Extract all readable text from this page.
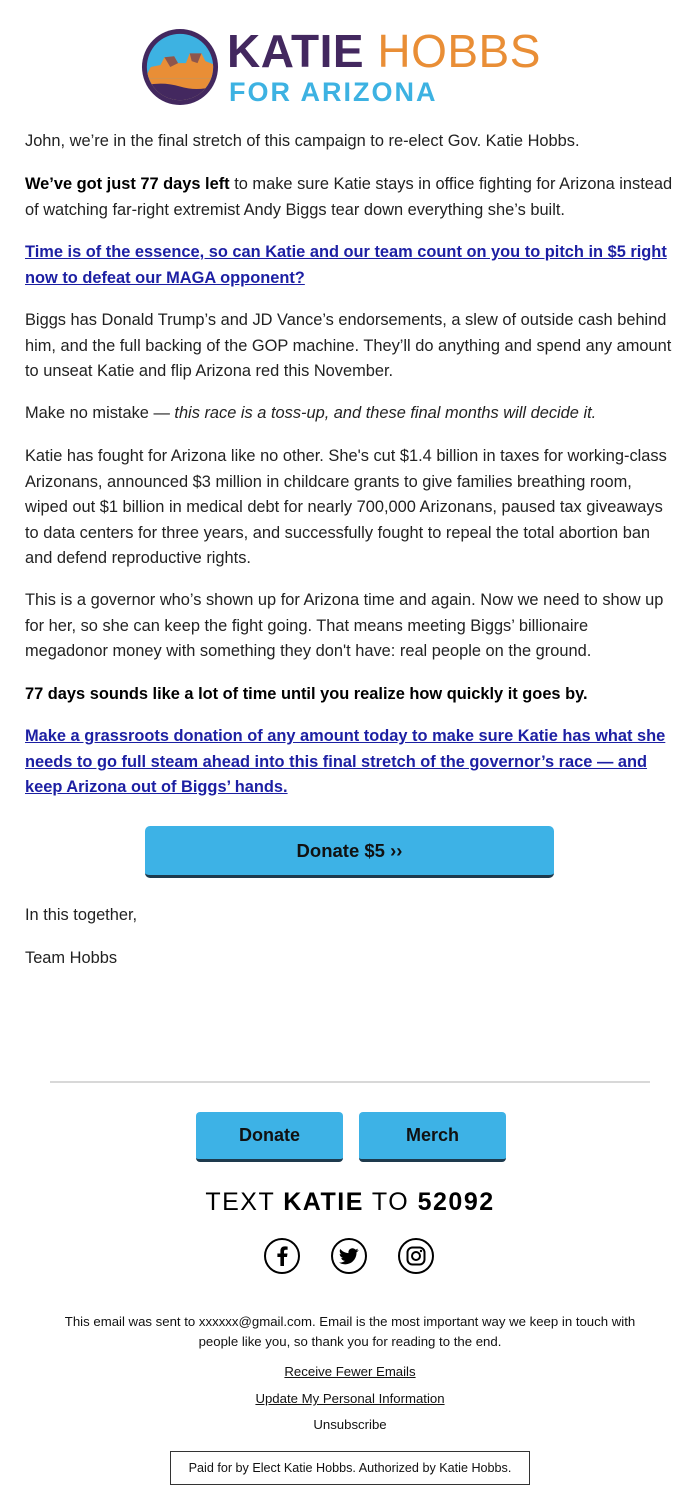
KATIE HOBBS
FOR ARIZONA

John, we’re in the final stretch of this campaign to re-elect Gov. Katie Hobbs.

We’ve got just 77 days left to make sure Katie stays in office fighting for Arizona instead of watching far-right extremist Andy Biggs tear down everything she’s built.

Time is of the essence, so can Katie and our team count on you to pitch in $5 right now to defeat our MAGA opponent?

Biggs has Donald Trump’s and JD Vance’s endorsements, a slew of outside cash behind him, and the full backing of the GOP machine. They’ll do anything and spend any amount to unseat Katie and flip Arizona red this November.

Make no mistake — this race is a toss-up, and these final months will decide it.

Katie has fought for Arizona like no other. She's cut $1.4 billion in taxes for working-class Arizonans, announced $3 million in childcare grants to give families breathing room, wiped out $1 billion in medical debt for nearly 700,000 Arizonans, paused tax giveaways to data centers for three years, and successfully fought to repeal the total abortion ban and defend reproductive rights.

This is a governor who’s shown up for Arizona time and again. Now we need to show up for her, so she can keep the fight going. That means meeting Biggs’ billionaire megadonor money with something they don't have: real people on the ground.

77 days sounds like a lot of time until you realize how quickly it goes by.

Make a grassroots donation of any amount today to make sure Katie has what she needs to go full steam ahead into this final stretch of the governor’s race — and keep Arizona out of Biggs’ hands.

Donate $5 ››

In this together,

Team Hobbs

Donate	Merch
TEXT KATIE TO 52092
This email was sent to xxxxxx@gmail.com. Email is the most important way we keep in touch with people like you, so thank you for reading to the end.
Receive Fewer Emails
Update My Personal Information
Unsubscribe
Paid for by Elect Katie Hobbs. Authorized by Katie Hobbs.
